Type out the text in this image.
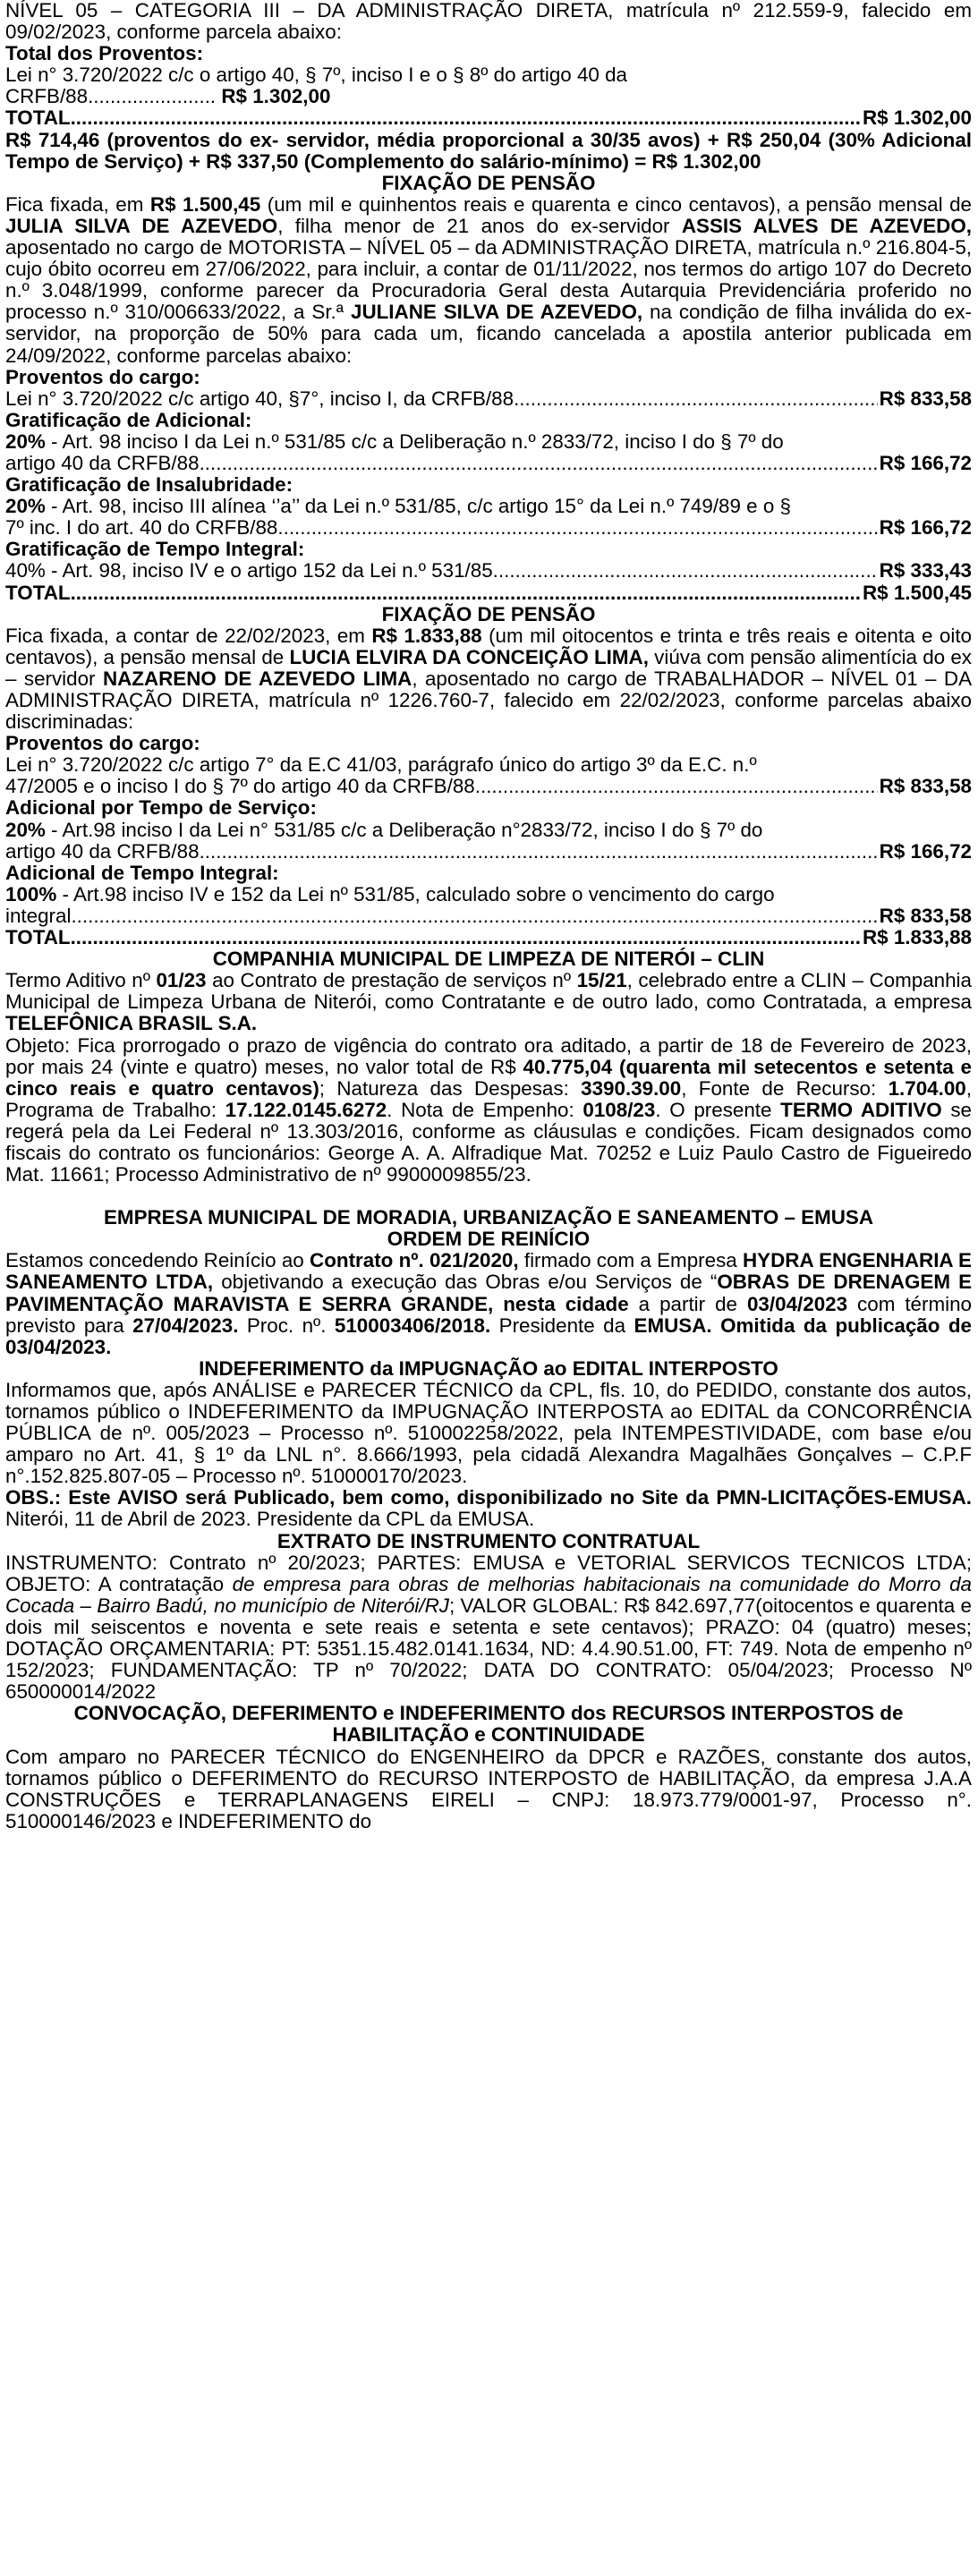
NÍVEL 05 – CATEGORIA III – DA ADMINISTRAÇÃO DIRETA, matrícula nº 212.559-9, falecido em 09/02/2023, conforme parcela abaixo:

Total dos Proventos:

Lei n° 3.720/2022 c/c o artigo 40, § 7º, inciso I e o § 8º do artigo 40 da

CRFB/88....................... R$ 1.302,00

TOTAL .....	R$ 1.302,00

R$ 714,46 (proventos do ex- servidor, média proporcional a 30/35 avos) + R$ 250,04 (30% Adicional Tempo de Serviço) + R$ 337,50 (Complemento do salário-mínimo) = R$ 1.302,00

FIXAÇÃO DE PENSÃO

Fica fixada, em R$ 1.500,45 (um mil e quinhentos reais e quarenta e cinco centavos), a pensão mensal de JULIA SILVA DE AZEVEDO, filha menor de 21 anos do ex-servidor ASSIS ALVES DE AZEVEDO, aposentado no cargo de MOTORISTA – NÍVEL 05 – da ADMINISTRAÇÃO DIRETA, matrícula n.º 216.804-5, cujo óbito ocorreu em 27/06/2022, para incluir, a contar de 01/11/2022, nos termos do artigo 107 do Decreto n.º 3.048/1999, conforme parecer da Procuradoria Geral desta Autarquia Previdenciária proferido no processo n.º 310/006633/2022, a Sr.ª JULIANE SILVA DE AZEVEDO, na condição de filha inválida do ex-servidor, na proporção de 50% para cada um, ficando cancelada a apostila anterior publicada em 24/09/2022, conforme parcelas abaixo:

Proventos do cargo:

Lei n° 3.720/2022 c/c artigo 40, §7°, inciso I, da CRFB/88 .....	R$ 833,58

Gratificação de Adicional:

20% - Art. 98 inciso I da Lei n.º 531/85 c/c a Deliberação n.º 2833/72, inciso I do § 7º do

artigo 40 da CRFB/88 .....	R$ 166,72

Gratificação de Insalubridade:

20% - Art. 98, inciso III alínea ‘’a’’ da Lei n.º 531/85, c/c artigo 15° da Lei n.º 749/89 e o §

7º inc. I do art. 40 do CRFB/88 .....	R$ 166,72

Gratificação de Tempo Integral:

40% - Art. 98, inciso IV e o artigo 152 da Lei n.º 531/85 .....	R$ 333,43
TOTAL .....	R$ 1.500,45

FIXAÇÃO DE PENSÃO

Fica fixada, a contar de 22/02/2023, em R$ 1.833,88 (um mil oitocentos e trinta e três reais e oitenta e oito centavos), a pensão mensal de LUCIA ELVIRA DA CONCEIÇÃO LIMA, viúva com pensão alimentícia do ex – servidor NAZARENO DE AZEVEDO LIMA, aposentado no cargo de TRABALHADOR – NÍVEL 01 – DA ADMINISTRAÇÃO DIRETA, matrícula nº 1226.760-7, falecido em 22/02/2023, conforme parcelas abaixo discriminadas:

Proventos do cargo:

Lei n° 3.720/2022 c/c artigo 7° da E.C 41/03, parágrafo único do artigo 3º da E.C. n.º

47/2005 e o inciso I do § 7º do artigo 40 da CRFB/88 .....	R$ 833,58

Adicional por Tempo de Serviço:

20% - Art.98 inciso I da Lei n° 531/85 c/c a Deliberação n°2833/72, inciso I do § 7º do

artigo 40 da CRFB/88 .....	R$ 166,72

Adicional de Tempo Integral:

100% - Art.98 inciso IV e 152 da Lei nº 531/85, calculado sobre o vencimento do cargo

integral .....	R$ 833,58
TOTAL .....	R$ 1.833,88

COMPANHIA MUNICIPAL DE LIMPEZA DE NITERÓI – CLIN

Termo Aditivo nº 01/23 ao Contrato de prestação de serviços nº 15/21, celebrado entre a CLIN – Companhia Municipal de Limpeza Urbana de Niterói, como Contratante e de outro lado, como Contratada, a empresa TELEFÔNICA BRASIL S.A.

Objeto: Fica prorrogado o prazo de vigência do contrato ora aditado, a partir de 18 de Fevereiro de 2023, por mais 24 (vinte e quatro) meses, no valor total de R$ 40.775,04 (quarenta mil setecentos e setenta e cinco reais e quatro centavos); Natureza das Despesas: 3390.39.00, Fonte de Recurso: 1.704.00, Programa de Trabalho: 17.122.0145.6272. Nota de Empenho: 0108/23. O presente TERMO ADITIVO se regerá pela da Lei Federal nº 13.303/2016, conforme as cláusulas e condições. Ficam designados como fiscais do contrato os funcionários: George A. A. Alfradique Mat. 70252 e Luiz Paulo Castro de Figueiredo Mat. 11661; Processo Administrativo de nº 9900009855/23.

EMPRESA MUNICIPAL DE MORADIA, URBANIZAÇÃO E SANEAMENTO – EMUSA

ORDEM DE REINÍCIO

Estamos concedendo Reinício ao Contrato nº. 021/2020, firmado com a Empresa HYDRA ENGENHARIA E SANEAMENTO LTDA, objetivando a execução das Obras e/ou Serviços de “OBRAS DE DRENAGEM E PAVIMENTAÇÃO MARAVISTA E SERRA GRANDE, nesta cidade a partir de 03/04/2023 com término previsto para 27/04/2023. Proc. nº. 510003406/2018. Presidente da EMUSA. Omitida da publicação de 03/04/2023.

INDEFERIMENTO da IMPUGNAÇÃO ao EDITAL INTERPOSTO

Informamos que, após ANÁLISE e PARECER TÉCNICO da CPL, fls. 10, do PEDIDO, constante dos autos, tornamos público o INDEFERIMENTO da IMPUGNAÇÃO INTERPOSTA ao EDITAL da CONCORRÊNCIA PÚBLICA de nº. 005/2023 – Processo nº. 510002258/2022, pela INTEMPESTIVIDADE, com base e/ou amparo no Art. 41, § 1º da LNL n°. 8.666/1993, pela cidadã Alexandra Magalhães Gonçalves – C.P.F n°.152.825.807-05 – Processo nº. 510000170/2023.

OBS.: Este AVISO será Publicado, bem como, disponibilizado no Site da PMN-LICITAÇÕES-EMUSA. Niterói, 11 de Abril de 2023. Presidente da CPL da EMUSA.

EXTRATO DE INSTRUMENTO CONTRATUAL

INSTRUMENTO: Contrato nº 20/2023; PARTES: EMUSA e VETORIAL SERVICOS TECNICOS LTDA; OBJETO: A contratação de empresa para obras de melhorias habitacionais na comunidade do Morro da Cocada – Bairro Badú, no município de Niterói/RJ; VALOR GLOBAL: R$ 842.697,77(oitocentos e quarenta e dois mil seiscentos e noventa e sete reais e setenta e sete centavos); PRAZO: 04 (quatro) meses; DOTAÇÃO ORÇAMENTARIA: PT: 5351.15.482.0141.1634, ND: 4.4.90.51.00, FT: 749. Nota de empenho nº 152/2023; FUNDAMENTAÇÃO: TP nº 70/2022; DATA DO CONTRATO: 05/04/2023; Processo Nº 650000014/2022

CONVOCAÇÃO, DEFERIMENTO e INDEFERIMENTO dos RECURSOS INTERPOSTOS de HABILITAÇÃO e CONTINUIDADE

Com amparo no PARECER TÉCNICO do ENGENHEIRO da DPCR e RAZÕES, constante dos autos, tornamos público o DEFERIMENTO do RECURSO INTERPOSTO de HABILITAÇÃO, da empresa J.A.A CONSTRUÇÕES e TERRAPLANAGENS EIRELI – CNPJ: 18.973.779/0001-97, Processo n°. 510000146/2023 e INDEFERIMENTO do
